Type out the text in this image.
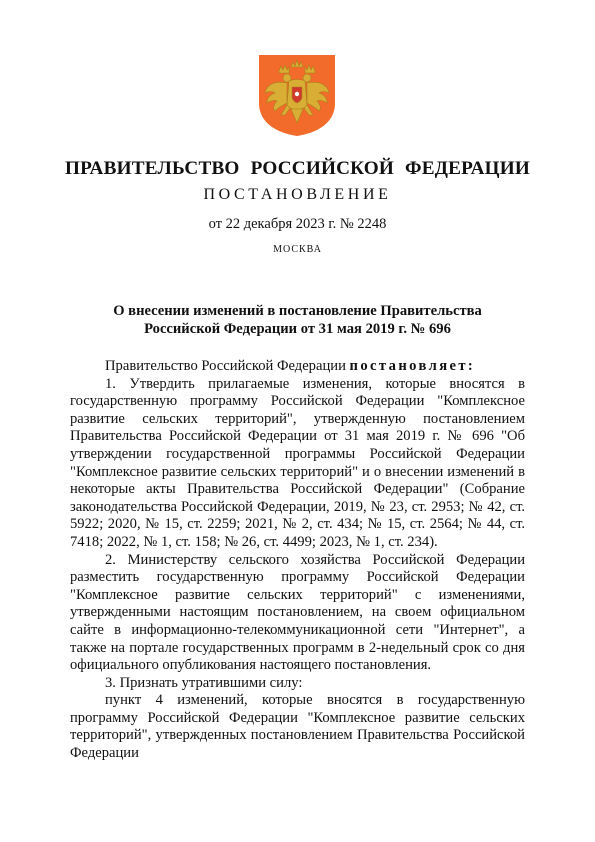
ПРАВИТЕЛЬСТВО РОССИЙСКОЙ ФЕДЕРАЦИИ
ПОСТАНОВЛЕНИЕ
от 22 декабря 2023 г. № 2248
МОСКВА
О внесении изменений в постановление Правительства
Российской Федерации от 31 мая 2019 г. № 696

Правительство Российской Федерации постановляет:

1. Утвердить прилагаемые изменения, которые вносятся в государственную программу Российской Федерации "Комплексное развитие сельских территорий", утвержденную постановлением Правительства Российской Федерации от 31 мая 2019 г. № 696 "Об утверждении государственной программы Российской Федерации "Комплексное развитие сельских территорий" и о внесении изменений в некоторые акты Правительства Российской Федерации" (Собрание законодательства Российской Федерации, 2019, № 23, ст. 2953; № 42, ст. 5922; 2020, № 15, ст. 2259; 2021, № 2, ст. 434; № 15, ст. 2564; № 44, ст. 7418; 2022, № 1, ст. 158; № 26, ст. 4499; 2023, № 1, ст. 234).

2. Министерству сельского хозяйства Российской Федерации разместить государственную программу Российской Федерации "Комплексное развитие сельских территорий" с изменениями, утвержденными настоящим постановлением, на своем официальном сайте в информационно-телекоммуникационной сети "Интернет", а также на портале государственных программ в 2-недельный срок со дня официального опубликования настоящего постановления.

3. Признать утратившими силу:

пункт 4 изменений, которые вносятся в государственную программу Российской Федерации "Комплексное развитие сельских территорий", утвержденных постановлением Правительства Российской Федерации
